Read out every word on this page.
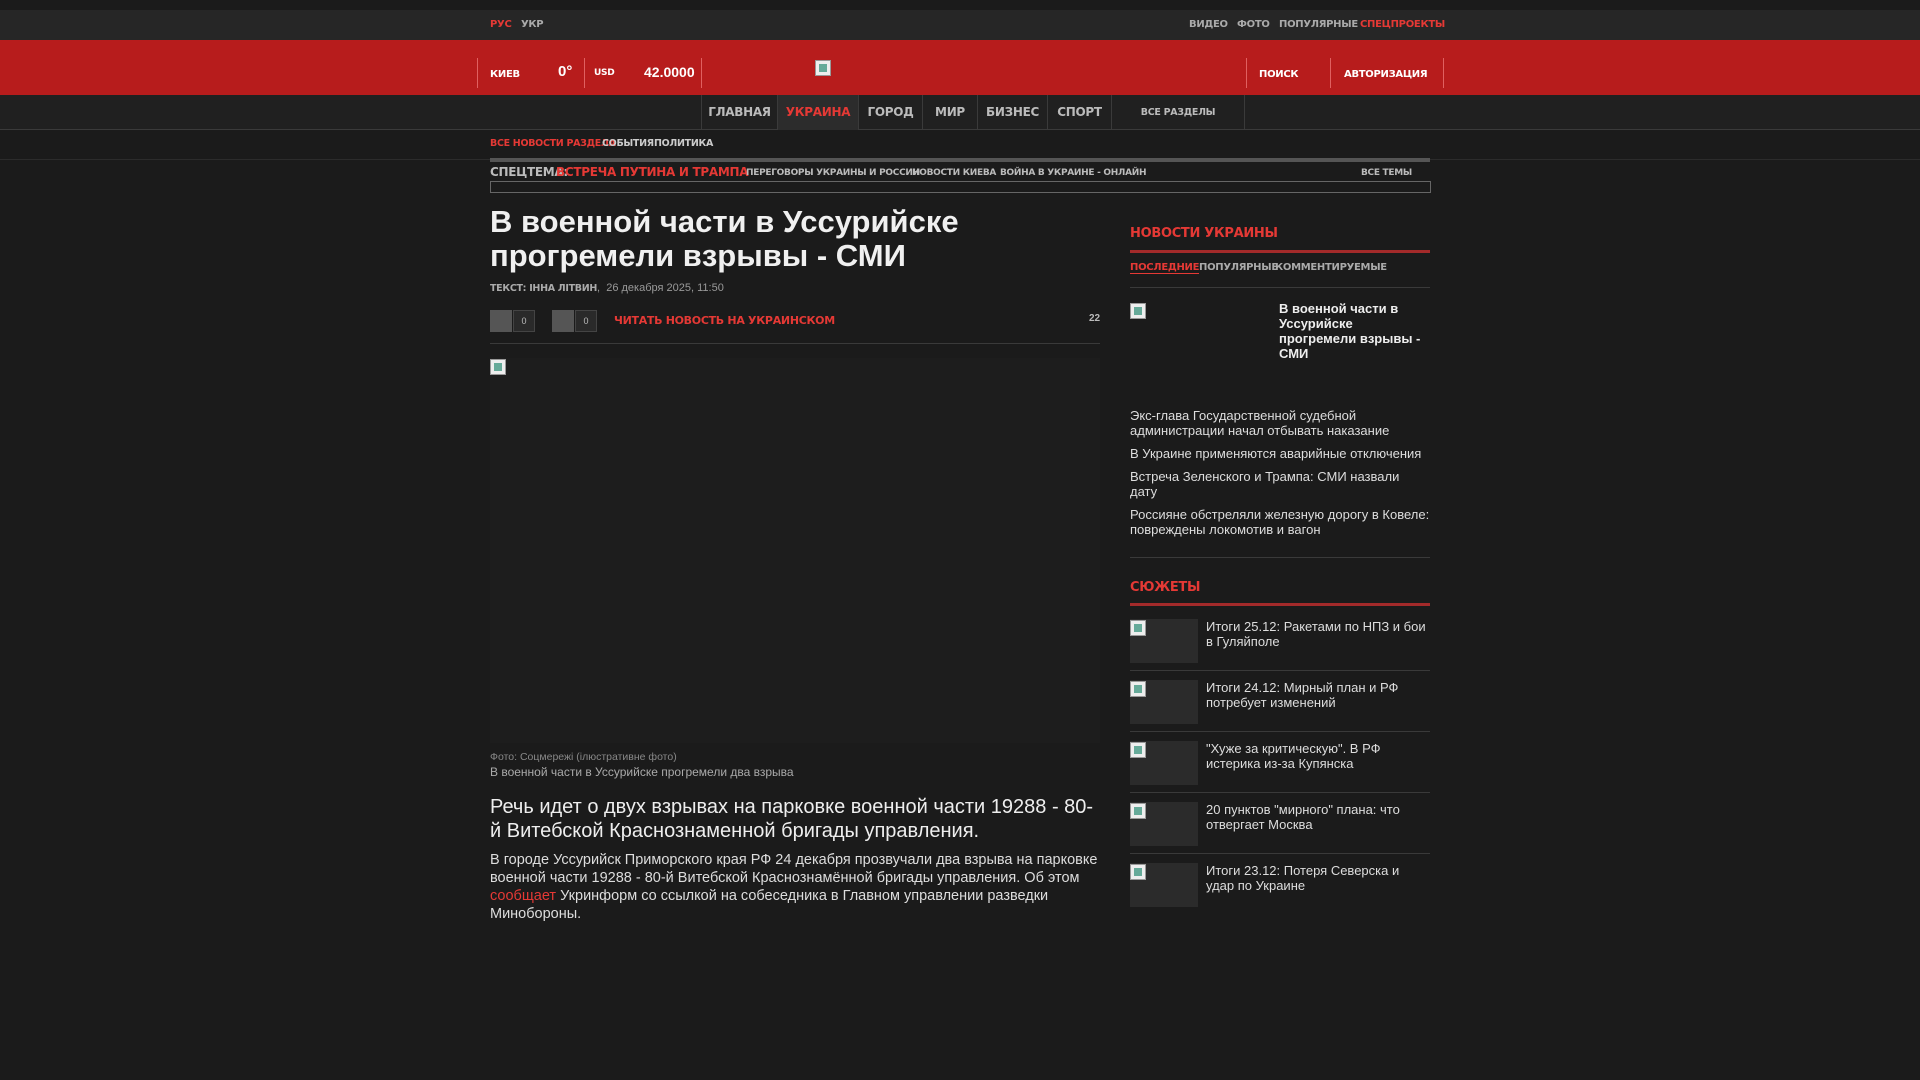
РУС УКР	ВИДЕО ФОТО ПОПУЛЯРНЫЕ СПЕЦПРОЕКТЫ
КИЕВ	0° USD 42.0000	ПОИСК	АВТОРИЗАЦИЯ
ГЛАВНАЯ	УКРАИНА	ГОРОД	МИР	БИЗНЕС	СПОРТ	ВСЕ РАЗДЕЛЫ
ВСЕ НОВОСТИ РАЗДЕЛА
СОБЫТИЯ ПОЛИТИКА
СПЕЦТЕМА:
ВСТРЕЧА ПУТИНА И ТРАМПА
ПЕРЕГОВОРЫ УКРАИНЫ И РОССИИ
НОВОСТИ КИЕВА ВОЙНА В УКРАИНЕ - ОНЛАЙН	ВСЕ ТЕМЫ
В военной части в Уссурийске прогремели взрывы - СМИ
ТЕКСТ: ІННА ЛІТВИН,  26 декабря 2025, 11:50
0	0	ЧИТАТЬ НОВОСТЬ НА УКРАИНСКОМ	22
Фото: Соцмережі (ілюстративне фото)
В военной части в Уссурийске прогремели два взрыва

Речь идет о двух взрывах на парковке военной части 19288 - 80-й Витебской Краснознаменной бригады управления.

В городе Уссурийск Приморского края РФ 24 декабря прозвучали два взрыва на парковке военной части 19288 - 80-й Витебской Краснознамённой бригады управления. Об этом сообщает Укринформ со ссылкой на собеседника в Главном управлении разведки Минобороны.

НОВОСТИ УКРАИНЫ
ПОСЛЕДНИЕ ПОПУЛЯРНЫЕ
КОММЕНТИРУЕМЫЕ
В военной части в Уссурийске прогремели взрывы - СМИ
Экс-глава Государственной судебной администрации начал отбывать наказание
В Украине применяются аварийные отключения
Встреча Зеленского и Трампа: СМИ назвали дату
Россияне обстреляли железную дорогу в Ковеле: повреждены локомотив и вагон
СЮЖЕТЫ
Итоги 25.12: Ракетами по НПЗ и бои в Гуляйполе
Итоги 24.12: Мирный план и РФ потребует изменений
"Хуже за критическую". В РФ истерика из-за Купянска
20 пунктов "мирного" плана: что отвергает Москва
Итоги 23.12: Потеря Северска и удар по Украине
